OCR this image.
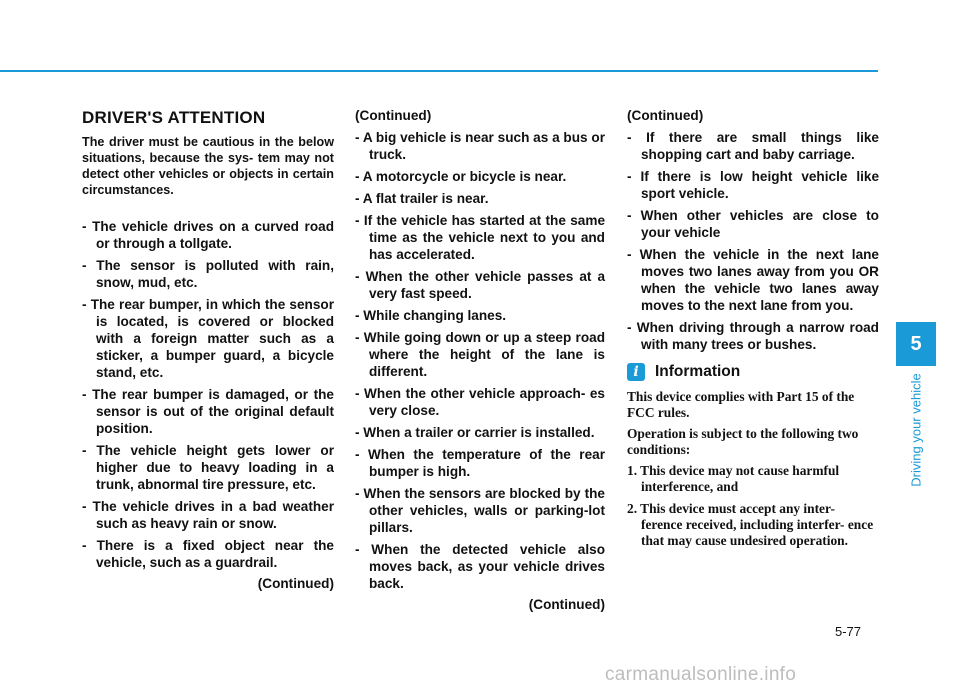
DRIVER'S ATTENTION
The driver must be cautious in the below situations, because the sys- tem may not detect other vehicles or objects in certain circumstances.
- The vehicle drives on a curved road or through a tollgate.
- The sensor is polluted with rain, snow, mud, etc.
- The rear bumper, in which the sensor is located, is covered or blocked with a foreign matter such as a sticker, a bumper guard, a bicycle stand, etc.
- The rear bumper is damaged, or the sensor is out of the original default position.
- The vehicle height gets lower or higher due to heavy loading in a trunk, abnormal tire pressure, etc.
- The vehicle drives in a bad weather such as heavy rain or snow.
- There is a fixed object near the vehicle, such as a guardrail.
(Continued)
(Continued)
- A big vehicle is near such as a bus or truck.
- A motorcycle or bicycle is near.
- A flat trailer is near.
- If the vehicle has started at the same time as the vehicle next to you and has accelerated.
- When the other vehicle passes at a very fast speed.
- While changing lanes.
- While going down or up a steep road where the height of the lane is different.
- When the other vehicle approach- es very close.
- When a trailer or carrier is installed.
- When the temperature of the rear bumper is high.
- When the sensors are blocked by the other vehicles, walls or parking-lot pillars.
- When the detected vehicle also moves back, as your vehicle drives back.
(Continued)
(Continued)
- If there are small things like shopping cart and baby carriage.
- If there is low height vehicle like sport vehicle.
- When other vehicles are close to your vehicle
- When the vehicle in the next lane moves two lanes away from you OR when the vehicle two lanes away moves to the next lane from you.
- When driving through a narrow road with many trees or bushes.
i	Information

This device complies with Part 15 of the FCC rules.

Operation is subject to the following two conditions:

1. This device may not cause harmful interference, and
2. This device must accept any inter- ference received, including interfer- ence that may cause undesired operation.
5
Driving your vehicle
5-77
carmanualsonline.info
